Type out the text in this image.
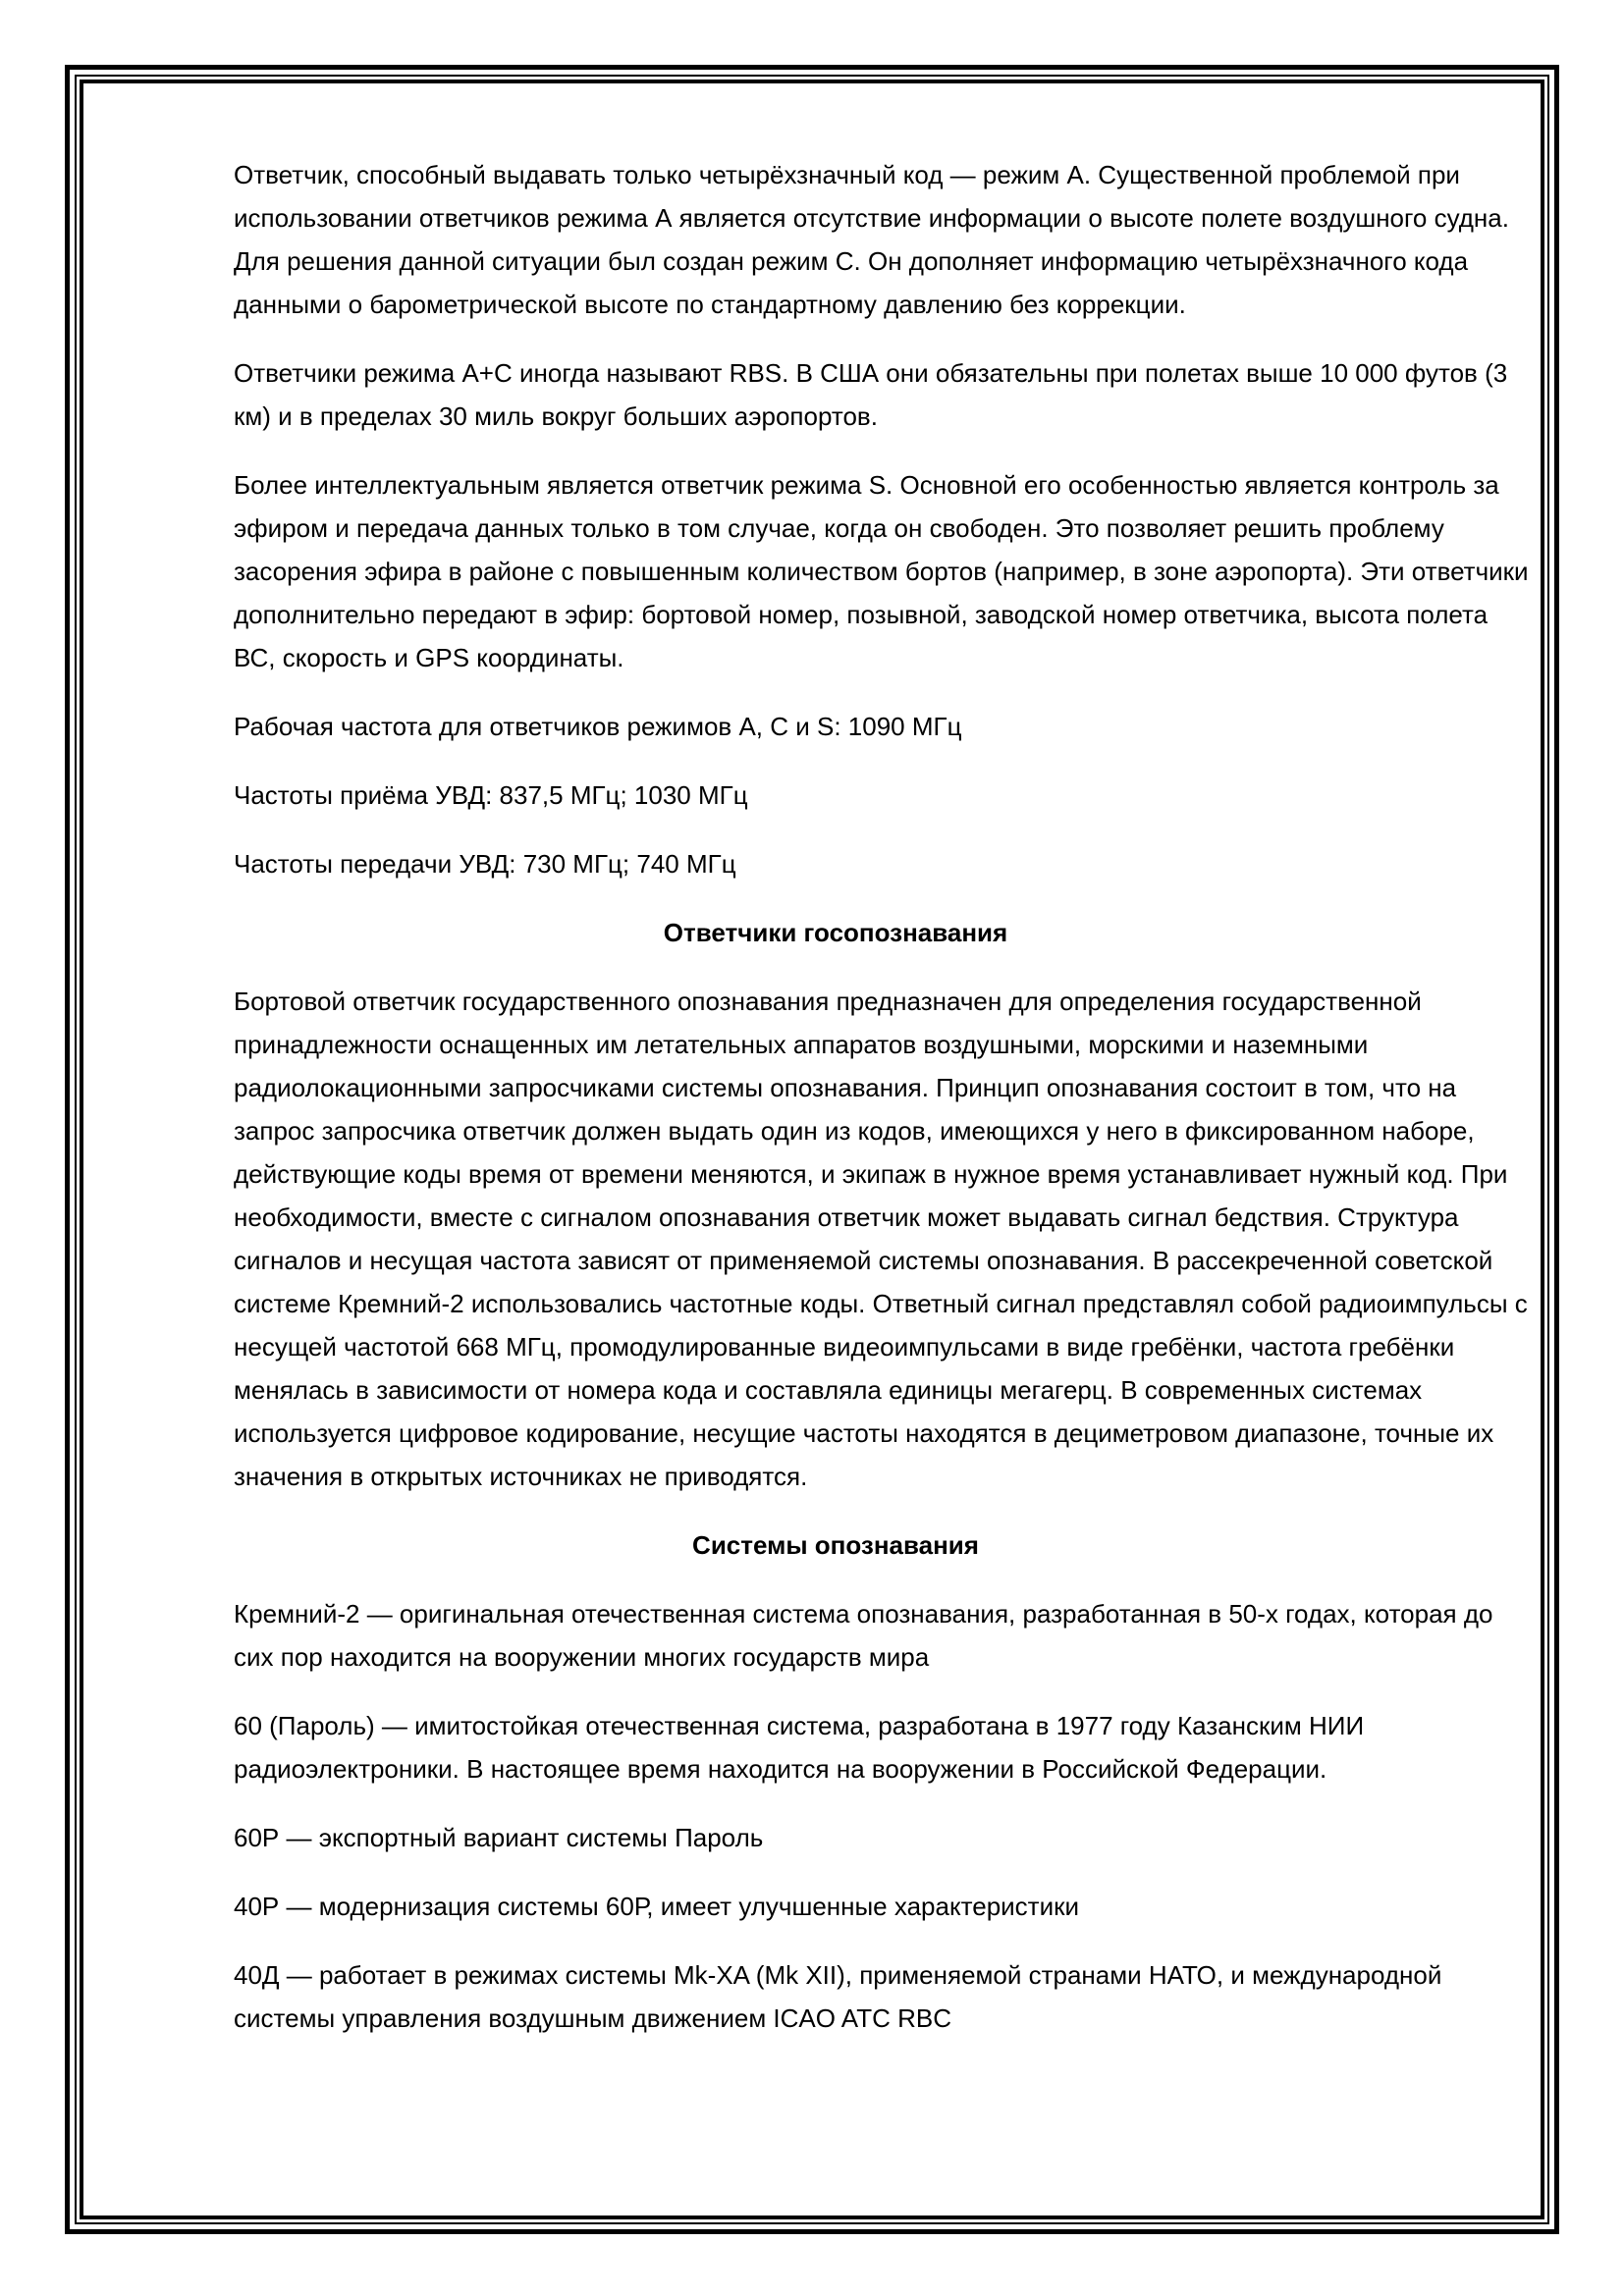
Ответчик, способный выдавать только четырёхзначный код — режим А. Существенной проблемой при использовании ответчиков режима А является отсутствие информации о высоте полете воздушного судна. Для решения данной ситуации был создан режим С. Он дополняет информацию четырёхзначного кода данными о барометрической высоте по стандартному давлению без коррекции.

Ответчики режима А+С иногда называют RBS. В США они обязательны при полетах выше 10 000 футов (3 км) и в пределах 30 миль вокруг больших аэропортов.

Более интеллектуальным является ответчик режима S. Основной его особенностью является контроль за эфиром и передача данных только в том случае, когда он свободен. Это позволяет решить проблему засорения эфира в районе с повышенным количеством бортов (например, в зоне аэропорта). Эти ответчики дополнительно передают в эфир: бортовой номер, позывной, заводской номер ответчика, высота полета ВС, скорость и GPS координаты.

Рабочая частота для ответчиков режимов А, С и S: 1090 МГц

Частоты приёма УВД: 837,5 МГц; 1030 МГц

Частоты передачи УВД: 730 МГц; 740 МГц

Ответчики госопознавания

Бортовой ответчик государственного опознавания предназначен для определения государственной принадлежности оснащенных им летательных аппаратов воздушными, морскими и наземными радиолокационными запросчиками системы опознавания. Принцип опознавания состоит в том, что на запрос запросчика ответчик должен выдать один из кодов, имеющихся у него в фиксированном наборе, действующие коды время от времени меняются, и экипаж в нужное время устанавливает нужный код. При необходимости, вместе с сигналом опознавания ответчик может выдавать сигнал бедствия. Структура сигналов и несущая частота зависят от применяемой системы опознавания. В рассекреченной советской системе Кремний-2 использовались частотные коды. Ответный сигнал представлял собой радиоимпульсы с несущей частотой 668 МГц, промодулированные видеоимпульсами в виде гребёнки, частота гребёнки менялась в зависимости от номера кода и составляла единицы мегагерц. В современных системах используется цифровое кодирование, несущие частоты находятся в дециметровом диапазоне, точные их значения в открытых источниках не приводятся.

Системы опознавания

Кремний-2 — оригинальная отечественная система опознавания, разработанная в 50-х годах, которая до сих пор находится на вооружении многих государств мира

60 (Пароль) — имитостойкая отечественная система, разработана в 1977 году Казанским НИИ радиоэлектроники. В настоящее время находится на вооружении в Российской Федерации.

60Р — экспортный вариант системы Пароль

40Р — модернизация системы 60Р, имеет улучшенные характеристики

40Д — работает в режимах системы Mk-XA (Mk XII), применяемой странами НАТО, и международной системы управления воздушным движением ICAO ATC RBC
